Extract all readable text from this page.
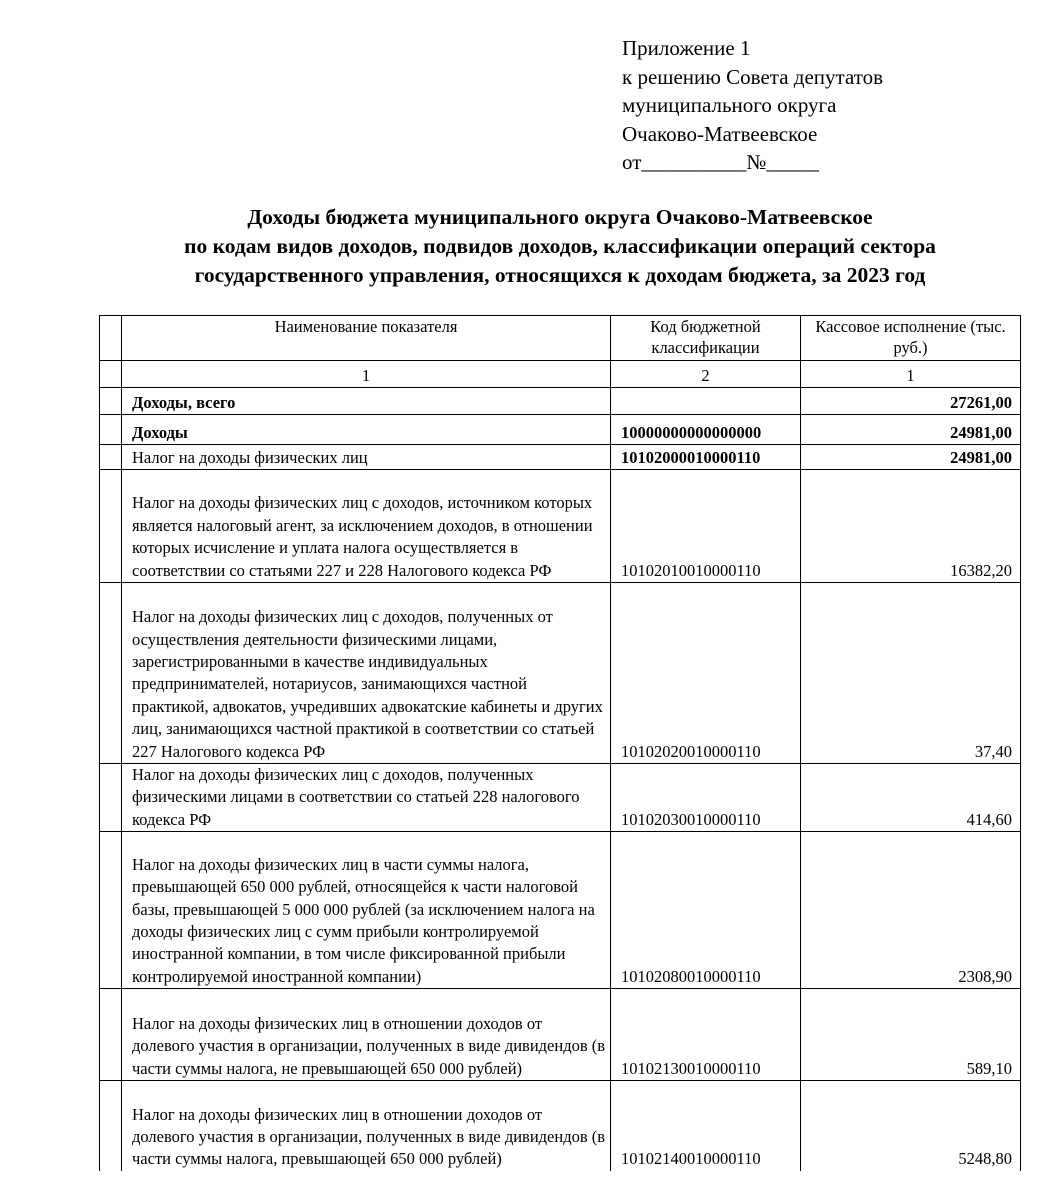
Приложение 1
к решению Совета депутатов
муниципального округа
Очаково-Матвеевское
от__________№_____
Доходы бюджета муниципального округа Очаково-Матвеевское
по кодам видов доходов, подвидов доходов, классификации операций сектора
государственного управления, относящихся к доходам бюджета, за 2023 год
	Наименование показателя	Код бюджетной классификации	Кассовое исполнение (тыс. руб.)
	1	2	1
	Доходы, всего		27261,00
	Доходы	10000000000000000	24981,00
	Налог на доходы физических лиц	10102000010000110	24981,00
	Налог на доходы физических лиц с доходов, источником которых является налоговый агент, за исключением доходов, в отношении которых исчисление и уплата налога осуществляется в соответствии со статьями 227 и 228 Налогового кодекса РФ	10102010010000110	16382,20
	Налог на доходы физических лиц с доходов, полученных от осуществления деятельности физическими лицами, зарегистрированными в качестве индивидуальных предпринимателей, нотариусов, занимающихся частной практикой, адвокатов, учредивших адвокатские кабинеты и других лиц, занимающихся частной практикой в соответствии со статьей 227 Налогового кодекса РФ	10102020010000110	37,40
	Налог на доходы физических лиц с доходов, полученных физическими лицами в соответствии со статьей 228 налогового кодекса РФ	10102030010000110	414,60
	Налог на доходы физических лиц в части суммы налога, превышающей 650 000 рублей, относящейся к части налоговой базы, превышающей 5 000 000 рублей (за исключением налога на доходы физических лиц с сумм прибыли контролируемой иностранной компании, в том числе фиксированной прибыли контролируемой иностранной компании)	10102080010000110	2308,90
	Налог на доходы физических лиц в отношении доходов от долевого участия в организации, полученных в виде дивидендов (в части суммы налога, не превышающей 650 000 рублей)	10102130010000110	589,10
	Налог на доходы физических лиц в отношении доходов от долевого участия в организации, полученных в виде дивидендов (в части суммы налога, превышающей 650 000 рублей)	10102140010000110	5248,80
